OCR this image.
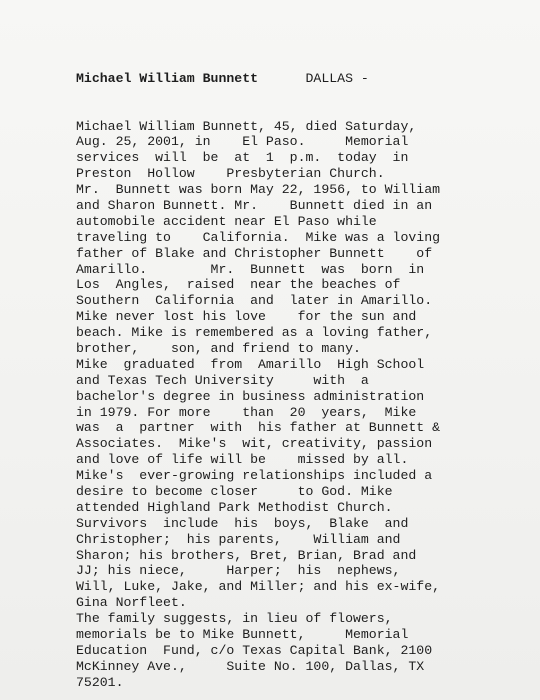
Michael William Bunnett      DALLAS -

Michael William Bunnett, 45, died Saturday,
Aug. 25, 2001, in    El Paso.     Memorial
services  will  be  at  1  p.m.  today  in
Preston  Hollow    Presbyterian Church.
Mr.  Bunnett was born May 22, 1956, to William
and Sharon Bunnett. Mr.    Bunnett died in an
automobile accident near El Paso while
traveling to    California.  Mike was a loving
father of Blake and Christopher Bunnett    of
Amarillo.        Mr.  Bunnett  was  born  in
Los  Angles,  raised  near the beaches of
Southern  California  and  later in Amarillo.
Mike never lost his love    for the sun and
beach. Mike is remembered as a loving father,
brother,    son, and friend to many.
Mike  graduated  from  Amarillo  High School
and Texas Tech University     with  a
bachelor's degree in business administration
in 1979. For more    than  20  years,  Mike
was  a  partner  with  his father at Bunnett &
Associates.  Mike's  wit, creativity, passion
and love of life will be    missed by all.
Mike's  ever-growing relationships included a
desire to become closer     to God. Mike
attended Highland Park Methodist Church.
Survivors  include  his  boys,  Blake  and
Christopher;  his parents,    William and
Sharon; his brothers, Bret, Brian, Brad and
JJ; his niece,     Harper;  his  nephews,
Will, Luke, Jake, and Miller; and his ex-wife,
Gina Norfleet.
The family suggests, in lieu of flowers,
memorials be to Mike Bunnett,     Memorial
Education  Fund, c/o Texas Capital Bank, 2100
McKinney Ave.,     Suite No. 100, Dallas, TX
75201.
